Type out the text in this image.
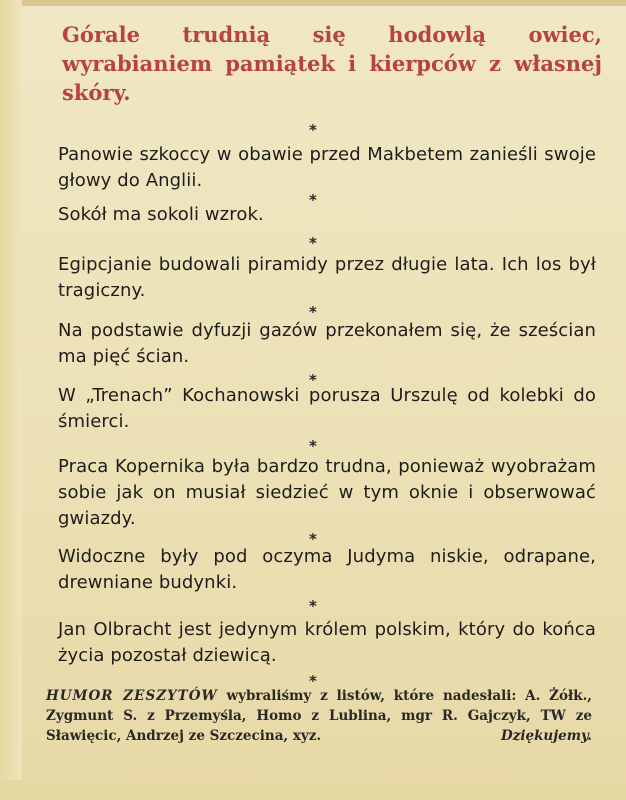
Górale trudnią się hodowlą owiec, wyrabianiem pamiątek i kierpców z własnej skóry.

*

Panowie szkoccy w obawie przed Makbetem zanieśli swoje głowy do Anglii.

*

Sokół ma sokoli wzrok.

*

Egipcjanie budowali piramidy przez długie lata. Ich los był tragiczny.

*

Na podstawie dyfuzji gazów przekonałem się, że sześcian ma pięć ścian.

*

W „Trenach” Kochanowski porusza Urszulę od kolebki do śmierci.

*

Praca Kopernika była bardzo trudna, ponieważ wyobrażam sobie jak on musiał siedzieć w tym oknie i obserwować gwiazdy.

*

Widoczne były pod oczyma Judyma niskie, odrapane, drewniane budynki.

*

Jan Olbracht jest jedynym królem polskim, który do końca życia pozostał dziewicą.

*

HUMOR ZESZYTÓW wybraliśmy z listów, które nadesłali: A. Żółk., Zygmunt S. z Przemyśla, Homo z Lublina, mgr R. Gajczyk, TW ze Sławięcic, Andrzej ze Szczecina, xyz.	Dziękujemy.
